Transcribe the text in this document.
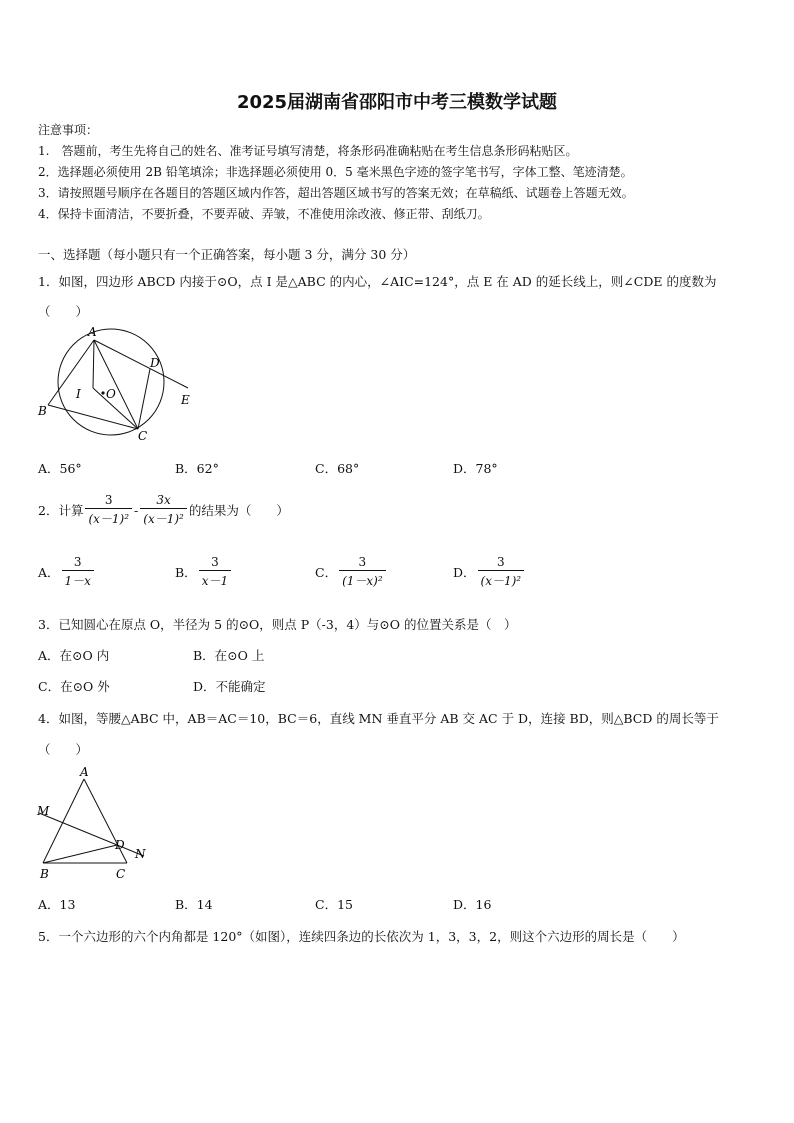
2025届湖南省邵阳市中考三模数学试题
注意事项：
1.　答题前，考生先将自己的姓名、准考证号填写清楚，将条形码准确粘贴在考生信息条形码粘贴区。
2．选择题必须使用 2B 铅笔填涂；非选择题必须使用 0．5 毫米黑色字迹的签字笔书写，字体工整、笔迹清楚。
3．请按照题号顺序在各题目的答题区域内作答，超出答题区域书写的答案无效；在草稿纸、试题卷上答题无效。
4．保持卡面清洁，不要折叠，不要弄破、弄皱，不准使用涂改液、修正带、刮纸刀。
一、选择题（每小题只有一个正确答案，每小题 3 分，满分 30 分）
1．如图，四边形 ABCD 内接于⊙O，点 I 是△ABC 的内心，∠AIC=124°，点 E 在 AD 的延长线上，则∠CDE 的度数为
（　　）
A
B
C
D
E
I O
A．56°	B．62°	C．68°	D．78°
2．计算 $\frac{3}{\text{(x－1)²}} - \frac{3x}{\text{(x－1)²}}$ 的结果为（　　）
A． $\frac{3}{1-x}$	B． $\frac{3}{x-1}$	C． $\frac{3}{\text{(1－x)²}}$	D． $\frac{3}{\text{(x－1)²}}$
3．已知圆心在原点 O，半径为 5 的⊙O，则点 P（-3，4）与⊙O 的位置关系是（　）
A．在⊙O 内	B．在⊙O 上
C．在⊙O 外	D．不能确定
4．如图，等腰△ABC 中，AB＝AC＝10，BC＝6，直线 MN 垂直平分 AB 交 AC 于 D，连接 BD，则△BCD 的周长等于
（　　）
A
B	C
D
M
N
A．13	B．14	C．15	D．16
5．一个六边形的六个内角都是 120°（如图），连续四条边的长依次为 1，3，3，2，则这个六边形的周长是（　　）
